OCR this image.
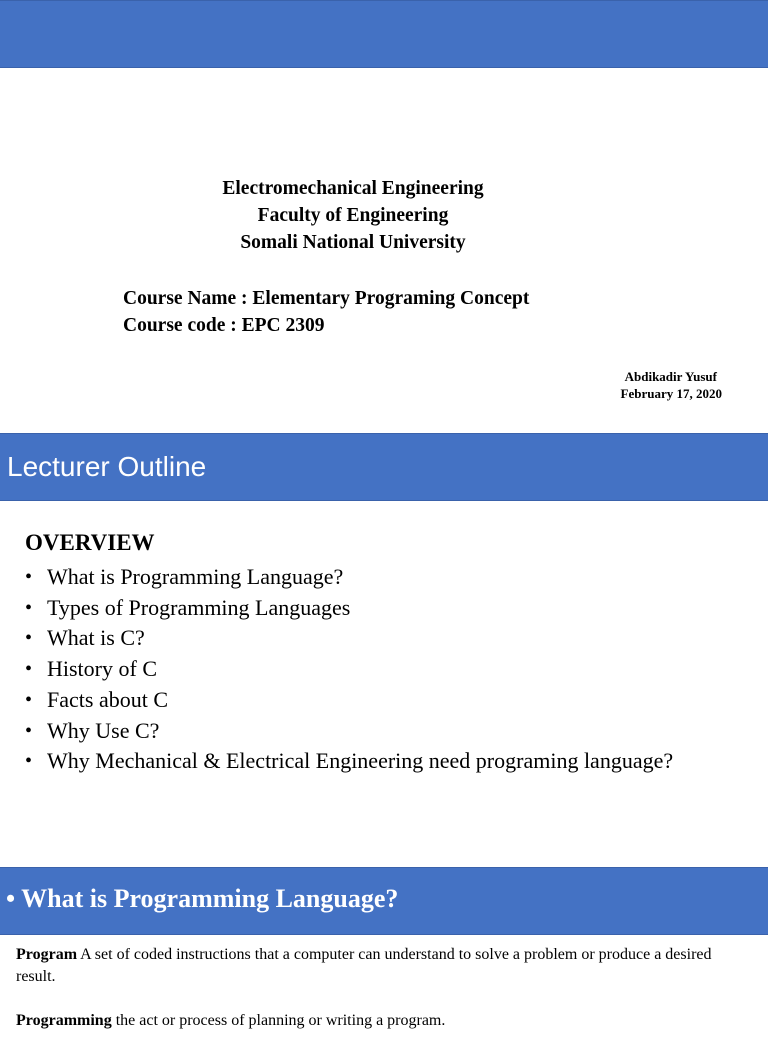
Electromechanical Engineering
Faculty of Engineering
Somali National University
Course Name : Elementary Programing Concept
Course code : EPC 2309
Abdikadir Yusuf
February 17, 2020
Lecturer Outline
OVERVIEW
• What is Programming Language?
• Types of Programming Languages
• What is C?
• History of C
• Facts about C
• Why Use C?
• Why Mechanical & Electrical Engineering need programing language?
• What is Programming Language?

Program A set of coded instructions that a computer can understand to solve a problem or produce a desired result.

Programming the act or process of planning or writing a program.
